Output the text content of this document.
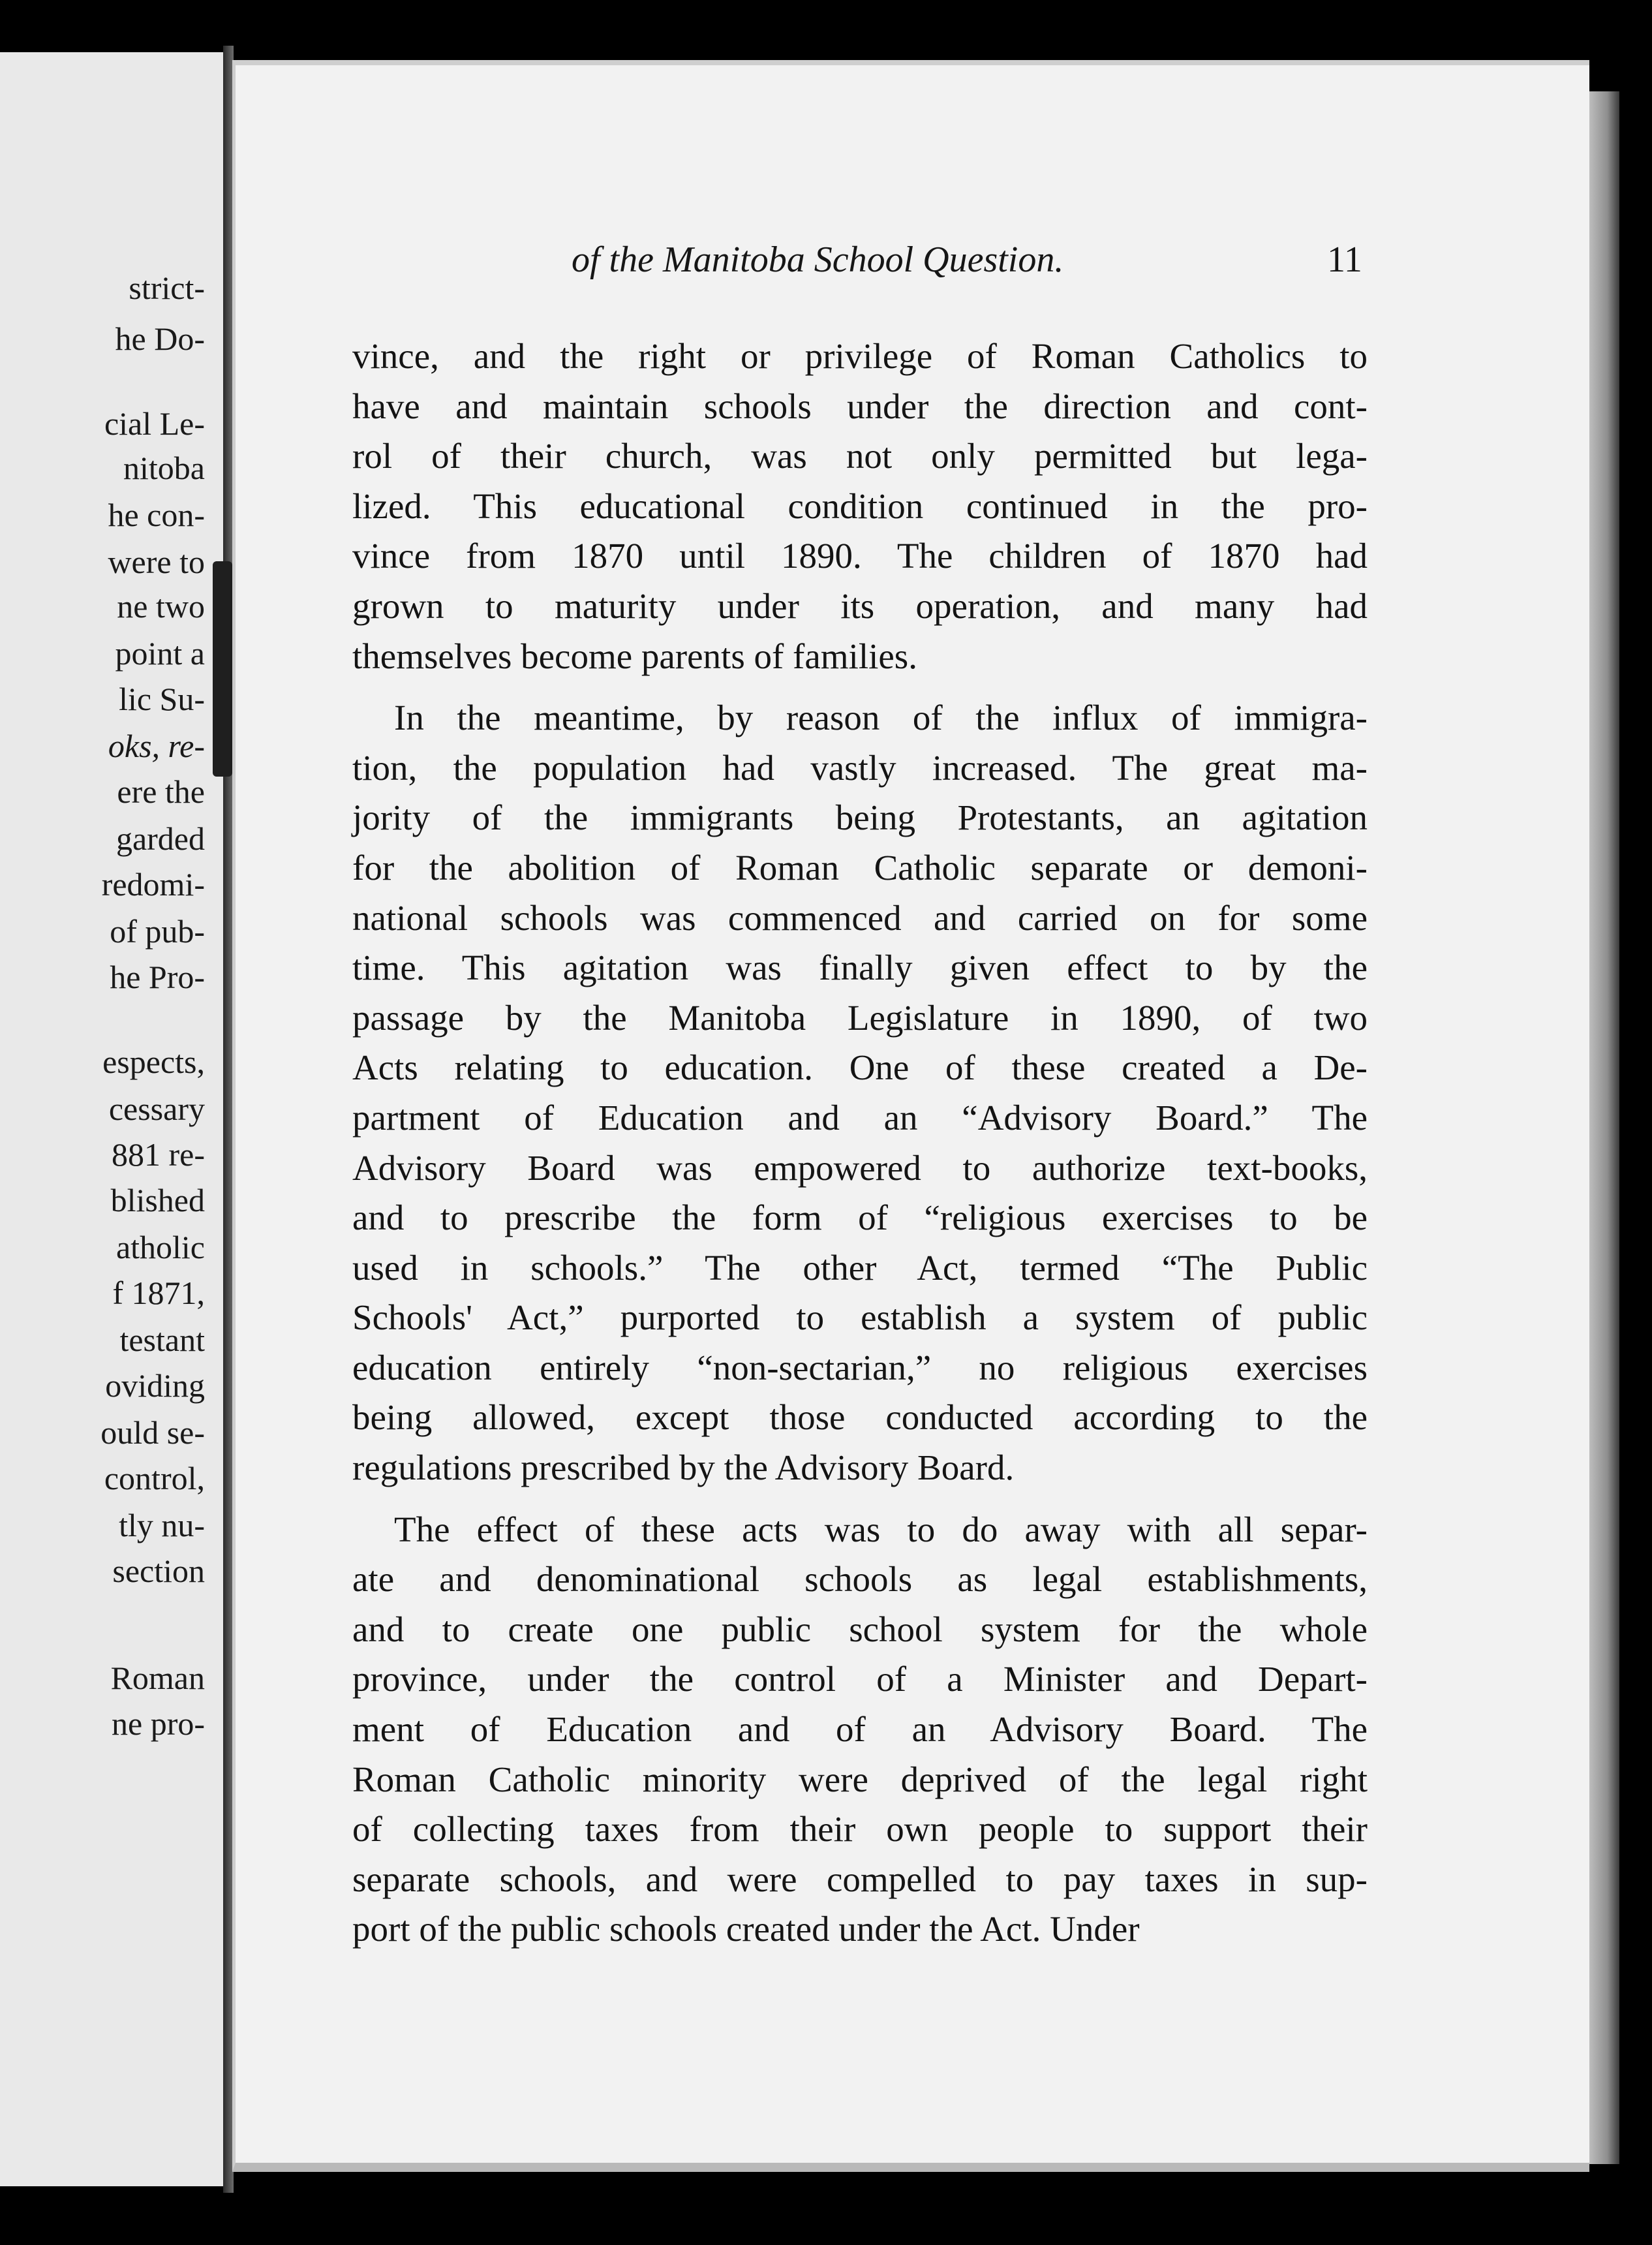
strict-
he Do-
cial Le-
nitoba
he con-
were to
ne two
point a
lic Su-
oks, re-
ere the
garded
redomi-
of pub-
he Pro-
espects,
cessary
881 re-
blished
atholic
f 1871,
testant
oviding
ould se-
control,
tly nu-
section
Roman
ne pro-
of the Manitoba School Question.	11
vince, and the right or privilege of Roman Catholics to
have and maintain schools under the direction and cont-
rol of their church, was not only permitted but lega-
lized. This educational condition continued in the pro-
vince from 1870 until 1890. The children of 1870 had
grown to maturity under its operation, and many had
themselves become parents of families.
In the meantime, by reason of the influx of immigra-
tion, the population had vastly increased. The great ma-
jority of the immigrants being Protestants, an agitation
for the abolition of Roman Catholic separate or demoni-
national schools was commenced and carried on for some
time. This agitation was finally given effect to by the
passage by the Manitoba Legislature in 1890, of two
Acts relating to education. One of these created a De-
partment of Education and an “Advisory Board.” The
Advisory Board was empowered to authorize text-books,
and to prescribe the form of “religious exercises to be
used in schools.” The other Act, termed “The Public
Schools' Act,” purported to establish a system of public
education entirely “non-sectarian,” no religious exercises
being allowed, except those conducted according to the
regulations prescribed by the Advisory Board.
The effect of these acts was to do away with all separ-
ate and denominational schools as legal establishments,
and to create one public school system for the whole
province, under the control of a Minister and Depart-
ment of Education and of an Advisory Board. The
Roman Catholic minority were deprived of the legal right
of collecting taxes from their own people to support their
separate schools, and were compelled to pay taxes in sup-
port of the public schools created under the Act. Under
